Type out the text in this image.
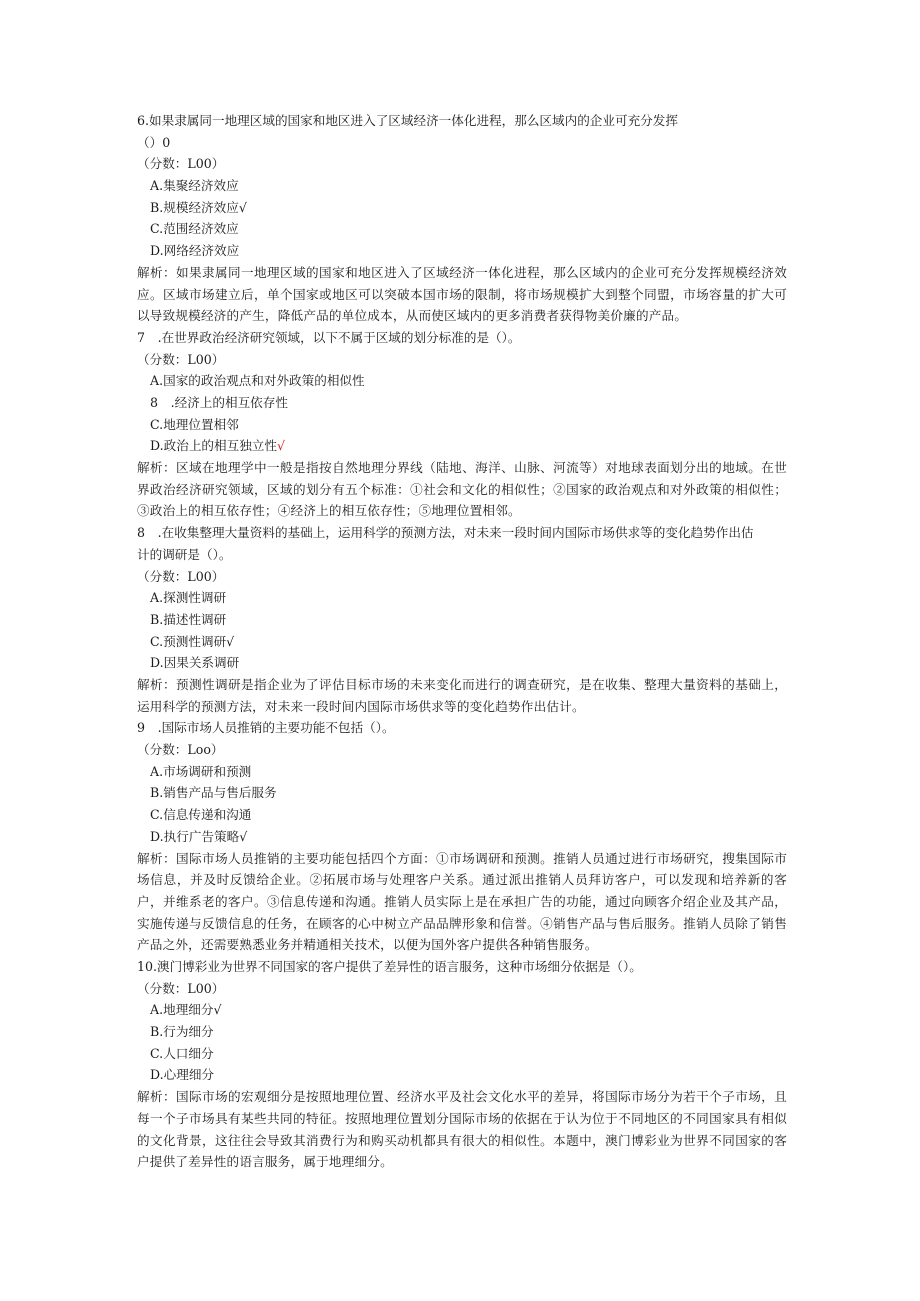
6.如果隶属同一地理区域的国家和地区进入了区域经济一体化进程，那么区域内的企业可充分发挥
（）0
（分数：L00）
A.集聚经济效应
B.规模经济效应√
C.范围经济效应
D.网络经济效应
解析：如果隶属同一地理区域的国家和地区进入了区域经济一体化进程，那么区域内的企业可充分发挥规模经济效应。区域市场建立后，单个国家或地区可以突破本国市场的限制，将市场规模扩大到整个同盟，市场容量的扩大可以导致规模经济的产生，降低产品的单位成本，从而使区域内的更多消费者获得物美价廉的产品。
7　.在世界政治经济研究领域，以下不属于区域的划分标准的是（）。
（分数：L00）
A.国家的政治观点和对外政策的相似性
8　.经济上的相互依存性
C.地理位置相邻
D.政治上的相互独立性√
解析：区域在地理学中一般是指按自然地理分界线（陆地、海洋、山脉、河流等）对地球表面划分出的地域。在世界政治经济研究领域，区域的划分有五个标准：①社会和文化的相似性；②国家的政治观点和对外政策的相似性；③政治上的相互依存性；④经济上的相互依存性；⑤地理位置相邻。
8　.在收集整理大量资料的基础上，运用科学的预测方法，对未来一段时间内国际市场供求等的变化趋势作出估
计的调研是（）。
（分数：L00）
A.探测性调研
B.描述性调研
C.预测性调研√
D.因果关系调研
解析：预测性调研是指企业为了评估目标市场的未来变化而进行的调查研究，是在收集、整理大量资料的基础上，运用科学的预测方法，对未来一段时间内国际市场供求等的变化趋势作出估计。
9　.国际市场人员推销的主要功能不包括（）。
（分数：Loo）
A.市场调研和预测
B.销售产品与售后服务
C.信息传递和沟通
D.执行广告策略√
解析：国际市场人员推销的主要功能包括四个方面：①市场调研和预测。推销人员通过进行市场研究，搜集国际市场信息，并及时反馈给企业。②拓展市场与处理客户关系。通过派出推销人员拜访客户，可以发现和培养新的客户，并维系老的客户。③信息传递和沟通。推销人员实际上是在承担广告的功能，通过向顾客介绍企业及其产品，实施传递与反馈信息的任务，在顾客的心中树立产品品牌形象和信誉。④销售产品与售后服务。推销人员除了销售产品之外，还需要熟悉业务并精通相关技术，以便为国外客户提供各种销售服务。
10.澳门博彩业为世界不同国家的客户提供了差异性的语言服务，这种市场细分依据是（）。
（分数：L00）
A.地理细分√
B.行为细分
C.人口细分
D.心理细分
解析：国际市场的宏观细分是按照地理位置、经济水平及社会文化水平的差异，将国际市场分为若干个子市场，且每一个子市场具有某些共同的特征。按照地理位置划分国际市场的依据在于认为位于不同地区的不同国家具有相似的文化背景，这往往会导致其消费行为和购买动机都具有很大的相似性。本题中，澳门博彩业为世界不同国家的客户提供了差异性的语言服务，属于地理细分。
